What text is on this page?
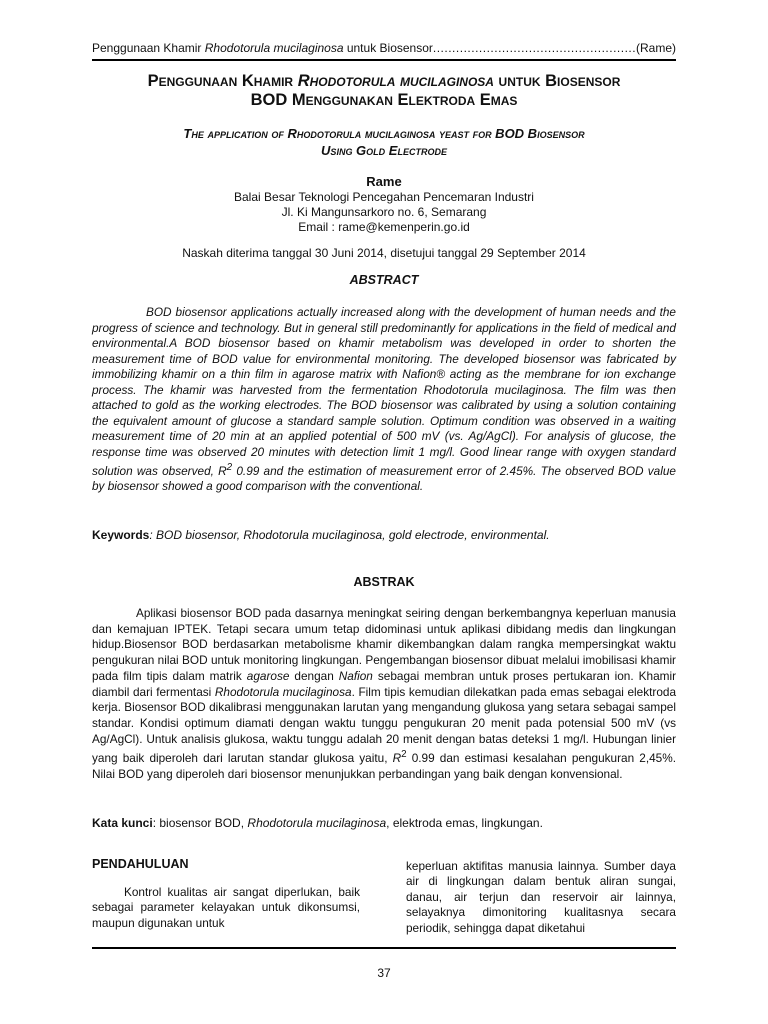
Penggunaan Khamir Rhodotorula mucilaginosa untuk Biosensor
.....	(Rame)
Penggunaan Khamir Rhodotorula mucilaginosa untuk Biosensor
BOD Menggunakan Elektroda Emas
The application of Rhodotorula mucilaginosa yeast for BOD Biosensor
Using Gold Electrode
Rame
Balai Besar Teknologi Pencegahan Pencemaran Industri
Jl. Ki Mangunsarkoro no. 6, Semarang
Email : rame@kemenperin.go.id
Naskah diterima tanggal 30 Juni 2014, disetujui tanggal 29 September 2014
ABSTRACT

BOD biosensor applications actually increased along with the development of human needs and the progress of science and technology. But in general still predominantly for applications in the field of medical and environmental.A BOD biosensor based on khamir metabolism was developed in order to shorten the measurement time of BOD value for environmental monitoring. The developed biosensor was fabricated by immobilizing khamir on a thin film in agarose matrix with Nafion® acting as the membrane for ion exchange process. The khamir was harvested from the fermentation Rhodotorula mucilaginosa. The film was then attached to gold as the working electrodes. The BOD biosensor was calibrated by using a solution containing the equivalent amount of glucose a standard sample solution. Optimum condition was observed in a waiting measurement time of 20 min at an applied potential of 500 mV (vs. Ag/AgCl). For analysis of glucose, the response time was observed 20 minutes with detection limit 1 mg/l. Good linear range with oxygen standard solution was observed, $R^2$ 0.99 and the estimation of measurement error of 2.45%. The observed BOD value by biosensor showed a good comparison with the conventional.

Keywords: BOD biosensor, Rhodotorula mucilaginosa, gold electrode, environmental.
ABSTRAK

Aplikasi biosensor BOD pada dasarnya meningkat seiring dengan berkembangnya keperluan manusia dan kemajuan IPTEK. Tetapi secara umum tetap didominasi untuk aplikasi dibidang medis dan lingkungan hidup.Biosensor BOD berdasarkan metabolisme khamir dikembangkan dalam rangka mempersingkat waktu pengukuran nilai BOD untuk monitoring lingkungan. Pengembangan biosensor dibuat melalui imobilisasi khamir pada film tipis dalam matrik agarose dengan Nafion sebagai membran untuk proses pertukaran ion. Khamir diambil dari fermentasi Rhodotorula mucilaginosa. Film tipis kemudian dilekatkan pada emas sebagai elektroda kerja. Biosensor BOD dikalibrasi menggunakan larutan yang mengandung glukosa yang setara sebagai sampel standar. Kondisi optimum diamati dengan waktu tunggu pengukuran 20 menit pada potensial 500 mV (vs Ag/AgCl). Untuk analisis glukosa, waktu tunggu adalah 20 menit dengan batas deteksi 1 mg/l. Hubungan linier yang baik diperoleh dari larutan standar glukosa yaitu, $R^2$ 0.99 dan estimasi kesalahan pengukuran 2,45%. Nilai BOD yang diperoleh dari biosensor menunjukkan perbandingan yang baik dengan konvensional.

Kata kunci: biosensor BOD, Rhodotorula mucilaginosa, elektroda emas, lingkungan.
PENDAHULUAN

Kontrol kualitas air sangat diperlukan, baik sebagai parameter kelayakan untuk dikonsumsi, maupun digunakan untuk

keperluan aktifitas manusia lainnya. Sumber daya air di lingkungan dalam bentuk aliran sungai, danau, air terjun dan reservoir air lainnya, selayaknya dimonitoring kualitasnya secara periodik, sehingga dapat diketahui

37
